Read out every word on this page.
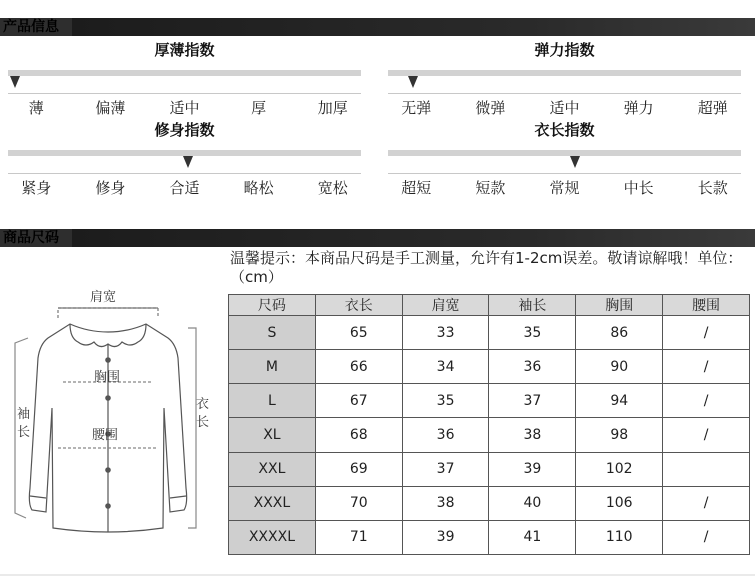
产品信息
厚薄指数
薄	偏薄	适中	厚	加厚
弹力指数
无弹	微弹	适中	弹力	超弹
修身指数
紧身	修身	合适	略松	宽松
衣长指数
超短	短款	常规	中长	长款
商品尺码
温馨提示：本商品尺码是手工测量，允许有1-2cm误差。敬请谅解哦！单位：（cm）
肩宽
胸围
腰围
袖长
衣长
尺码	衣长	肩宽	袖长	胸围	腰围
S	65	33	35	86	/
M	66	34	36	90	/
L	67	35	37	94	/
XL	68	36	38	98	/
XXL	69	37	39	102	
XXXL	70	38	40	106	/
XXXXL	71	39	41	110	/
